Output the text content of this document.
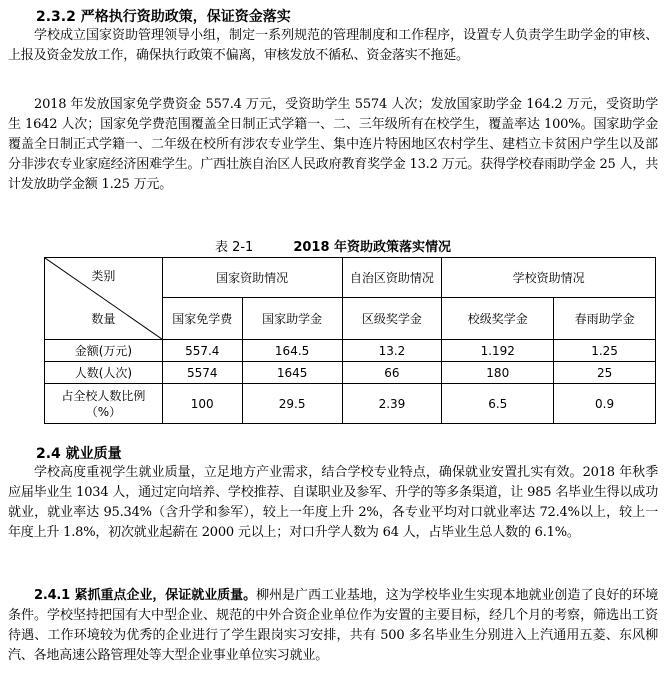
2.3.2 严格执行资助政策，保证资金落实
学校成立国家资助管理领导小组，制定一系列规范的管理制度和工作程序，设置专人负责学生助学金的审核、上报及资金发放工作，确保执行政策不偏离，审核发放不循私、资金落实不拖延。
2018 年发放国家免学费资金 557.4 万元，受资助学生 5574 人次；发放国家助学金 164.2 万元，受资助学生 1642 人次；国家免学费范围覆盖全日制正式学籍一、二、三年级所有在校学生，覆盖率达 100%。国家助学金覆盖全日制正式学籍一、二年级在校所有涉农专业学生、集中连片特困地区农村学生、建档立卡贫困户学生以及部分非涉农专业家庭经济困难学生。广西壮族自治区人民政府教育奖学金 13.2 万元。获得学校春雨助学金 25 人，共计发放助学金额 1.25 万元。
表 2-1	2018 年资助政策落实情况
类别
数量	国家资助情况		自治区资助情况	学校资助情况	
	国家免学费	国家助学金	区级奖学金	校级奖学金	春雨助学金
金额(万元)	557.4	164.5	13.2	1.192	1.25
人数(人次)	5574	1645	66	180	25
占全校人数比例（%）	100	29.5	2.39	6.5	0.9
2.4 就业质量
学校高度重视学生就业质量，立足地方产业需求，结合学校专业特点，确保就业安置扎实有效。2018 年秋季应届毕业生 1034 人，通过定向培养、学校推荐、自谋职业及参军、升学的等多条渠道，让 985 名毕业生得以成功就业，就业率达 95.34%（含升学和参军），较上一年度上升 2%，各专业平均对口就业率达 72.4%以上，较上一年度上升 1.8%，初次就业起薪在 2000 元以上；对口升学人数为 64 人，占毕业生总人数的 6.1%。
2.4.1 紧抓重点企业，保证就业质量。柳州是广西工业基地，这为学校毕业生实现本地就业创造了良好的环境条件。学校坚持把国有大中型企业、规范的中外合资企业单位作为安置的主要目标，经几个月的考察，筛选出工资待遇、工作环境较为优秀的企业进行了学生跟岗实习安排，共有 500 多名毕业生分别进入上汽通用五菱、东风柳汽、各地高速公路管理处等大型企业事业单位实习就业。
